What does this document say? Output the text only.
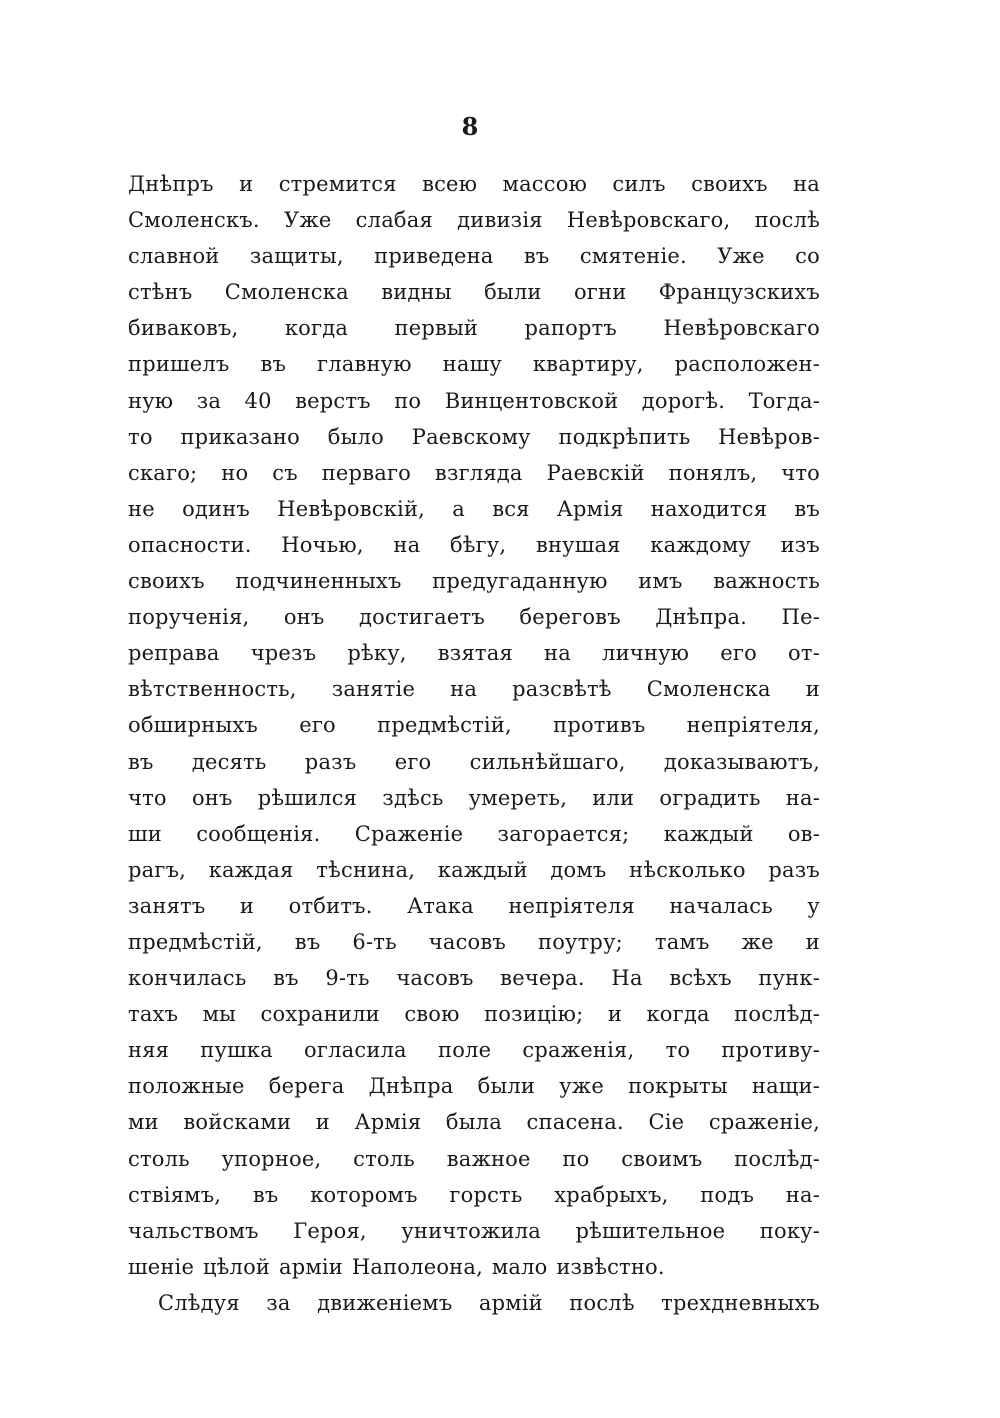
8
Днѣпръ и стремится всею массою силъ своихъ на
Смоленскъ. Уже слабая дивизія Невѣровскаго, послѣ
славной защиты, приведена въ смятеніе. Уже со
стѣнъ Смоленска видны были огни Французскихъ
биваковъ, когда первый рапортъ Невѣровскаго
пришелъ въ главную нашу квартиру, расположен-
ную за 40 верстъ по Винцентовской дорогѣ. Тогда-
то приказано было Раевскому подкрѣпить Невѣров-
скаго; но съ перваго взгляда Раевскій понялъ, что
не одинъ Невѣровскій, а вся Армія находится въ
опасности. Ночью, на бѣгу, внушая каждому изъ
своихъ подчиненныхъ предугаданную имъ важность
порученія, онъ достигаетъ береговъ Днѣпра. Пе-
реправа чрезъ рѣку, взятая на личную его от-
вѣтственность, занятіе на разсвѣтѣ Смоленска и
обширныхъ его предмѣстій, противъ непріятеля,
въ десять разъ его сильнѣйшаго, доказываютъ,
что онъ рѣшился здѣсь умереть, или оградить на-
ши сообщенія. Сраженіе загорается; каждый ов-
рагъ, каждая тѣснина, каждый домъ нѣсколько разъ
занятъ и отбитъ. Атака непріятеля началась у
предмѣстій, въ 6-ть часовъ поутру; тамъ же и
кончилась въ 9-ть часовъ вечера. На всѣхъ пунк-
тахъ мы сохранили свою позицію; и когда послѣд-
няя пушка огласила поле сраженія, то противу-
положные берега Днѣпра были уже покрыты нащи-
ми войсками и Армія была спасена. Сіе сраженіе,
столь упорное, столь важное по своимъ послѣд-
ствіямъ, въ которомъ горсть храбрыхъ, подъ на-
чальствомъ Героя, уничтожила рѣшительное поку-
шеніе цѣлой арміи Наполеона, мало извѣстно.
Слѣдуя за движеніемъ армій послѣ трехдневныхъ
